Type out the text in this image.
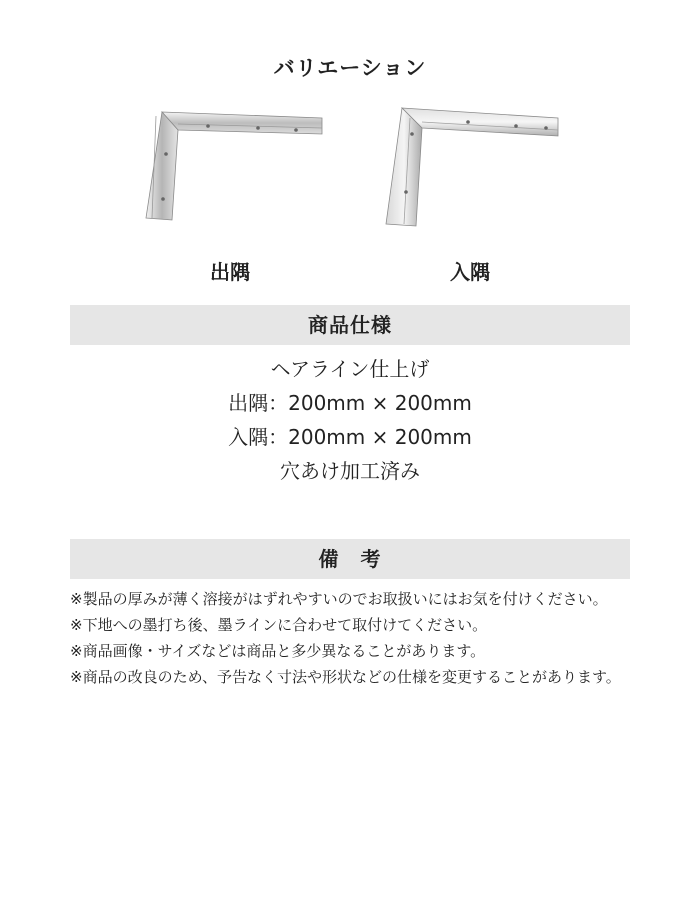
バリエーション
出隅	入隅
商品仕様
ヘアライン仕上げ
出隅：200mm × 200mm
入隅：200mm × 200mm
穴あけ加工済み
備　考
※製品の厚みが薄く溶接がはずれやすいのでお取扱いにはお気を付けください。
※下地への墨打ち後、墨ラインに合わせて取付けてください。
※商品画像・サイズなどは商品と多少異なることがあります。
※商品の改良のため、予告なく寸法や形状などの仕様を変更することがあります。
